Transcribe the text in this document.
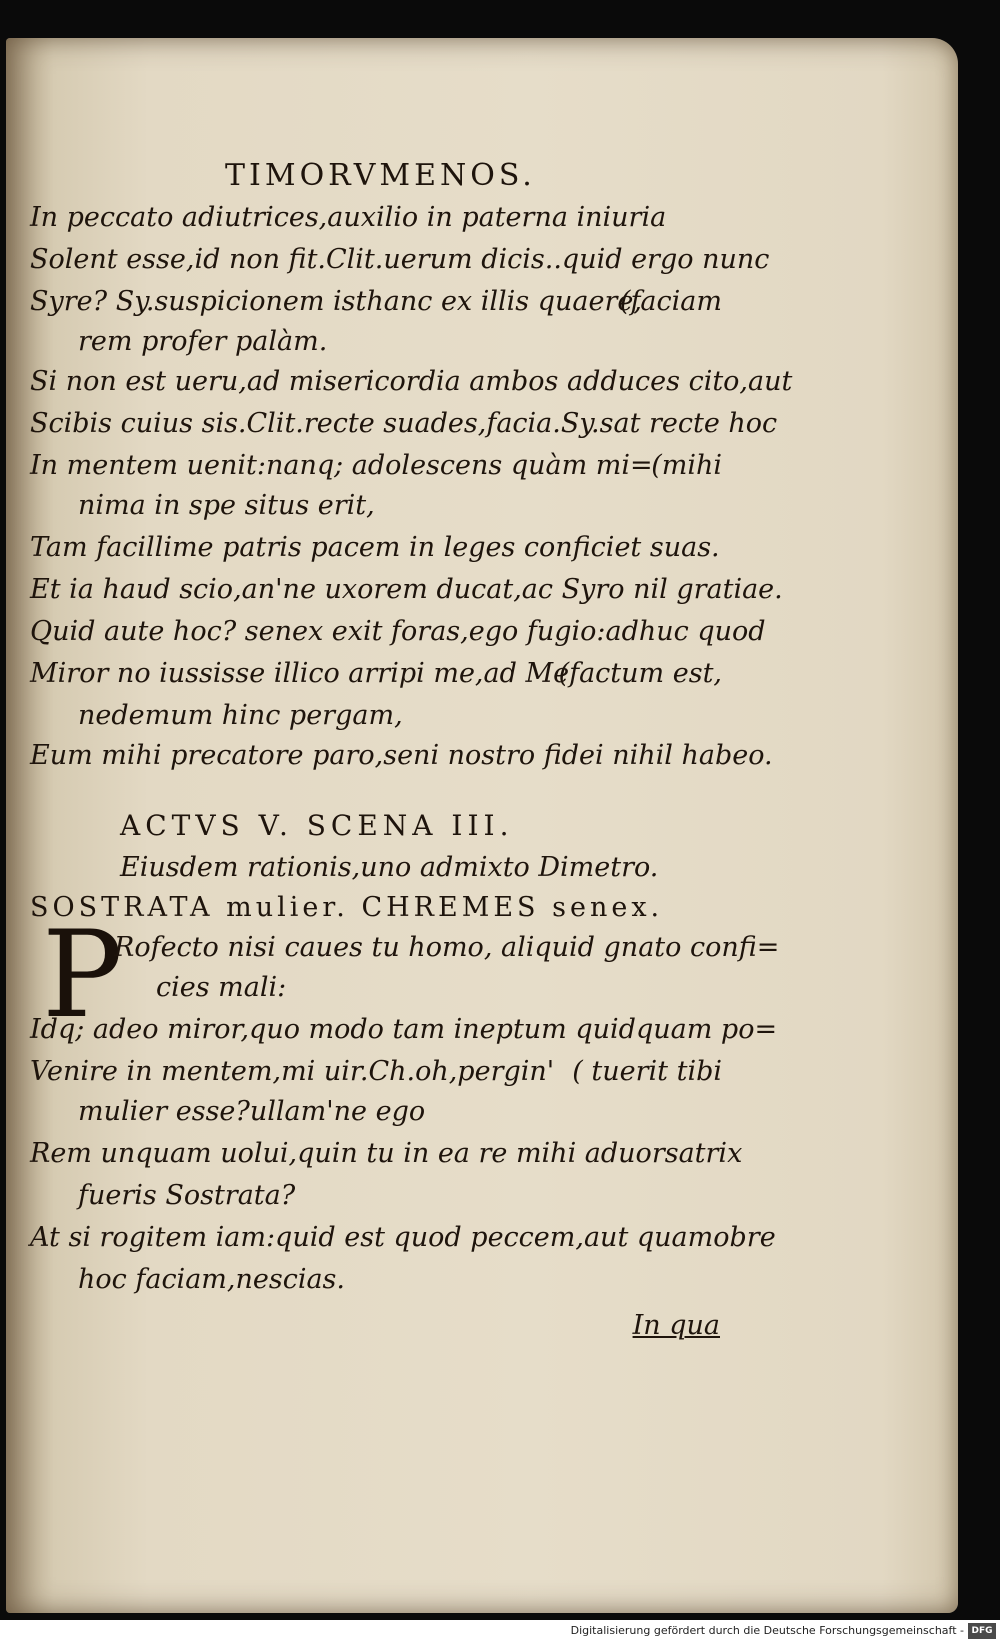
TIMORVMENOS.
In peccato adiutrices,auxilio in paterna iniuria
Solent esse,id non fit.Clit.uerum dicis..quid ergo nunc
Syre? Sy.suspicionem isthanc ex illis quaere,
(faciam
rem profer palàm.
Si non est ueru,ad misericordia ambos adduces cito,aut
Scibis cuius sis.Clit.recte suades,facia.Sy.sat recte hoc
In mentem uenit:nanq; adolescens quàm mi=
(mihi
nima in spe situs erit,
Tam facillime patris pacem in leges conficiet suas.
Et ia haud scio,an'ne uxorem ducat,ac Syro nil gratiae.
Quid aute hoc? senex exit foras,ego fugio:adhuc quod
Miror no iussisse illico arripi me,ad Me
(factum est,
nedemum hinc pergam,
Eum mihi precatore paro,seni nostro fidei nihil habeo.
ACTVS V. SCENA III.
Eiusdem rationis,uno admixto Dimetro.
SOSTRATA mulier. CHREMES senex.
P
Rofecto nisi caues tu homo, aliquid gnato confi=
cies mali:
Idq; adeo miror,quo modo tam ineptum quidquam po=
Venire in mentem,mi uir.Ch.oh,pergin' ( tuerit tibi
mulier esse?ullam'ne ego
Rem unquam uolui,quin tu in ea re mihi aduorsatrix
fueris Sostrata?
At si rogitem iam:quid est quod peccem,aut quamobre
hoc faciam,nescias.
In qua
Digitalisierung gefördert durch die Deutsche Forschungsgemeinschaft - DFG
